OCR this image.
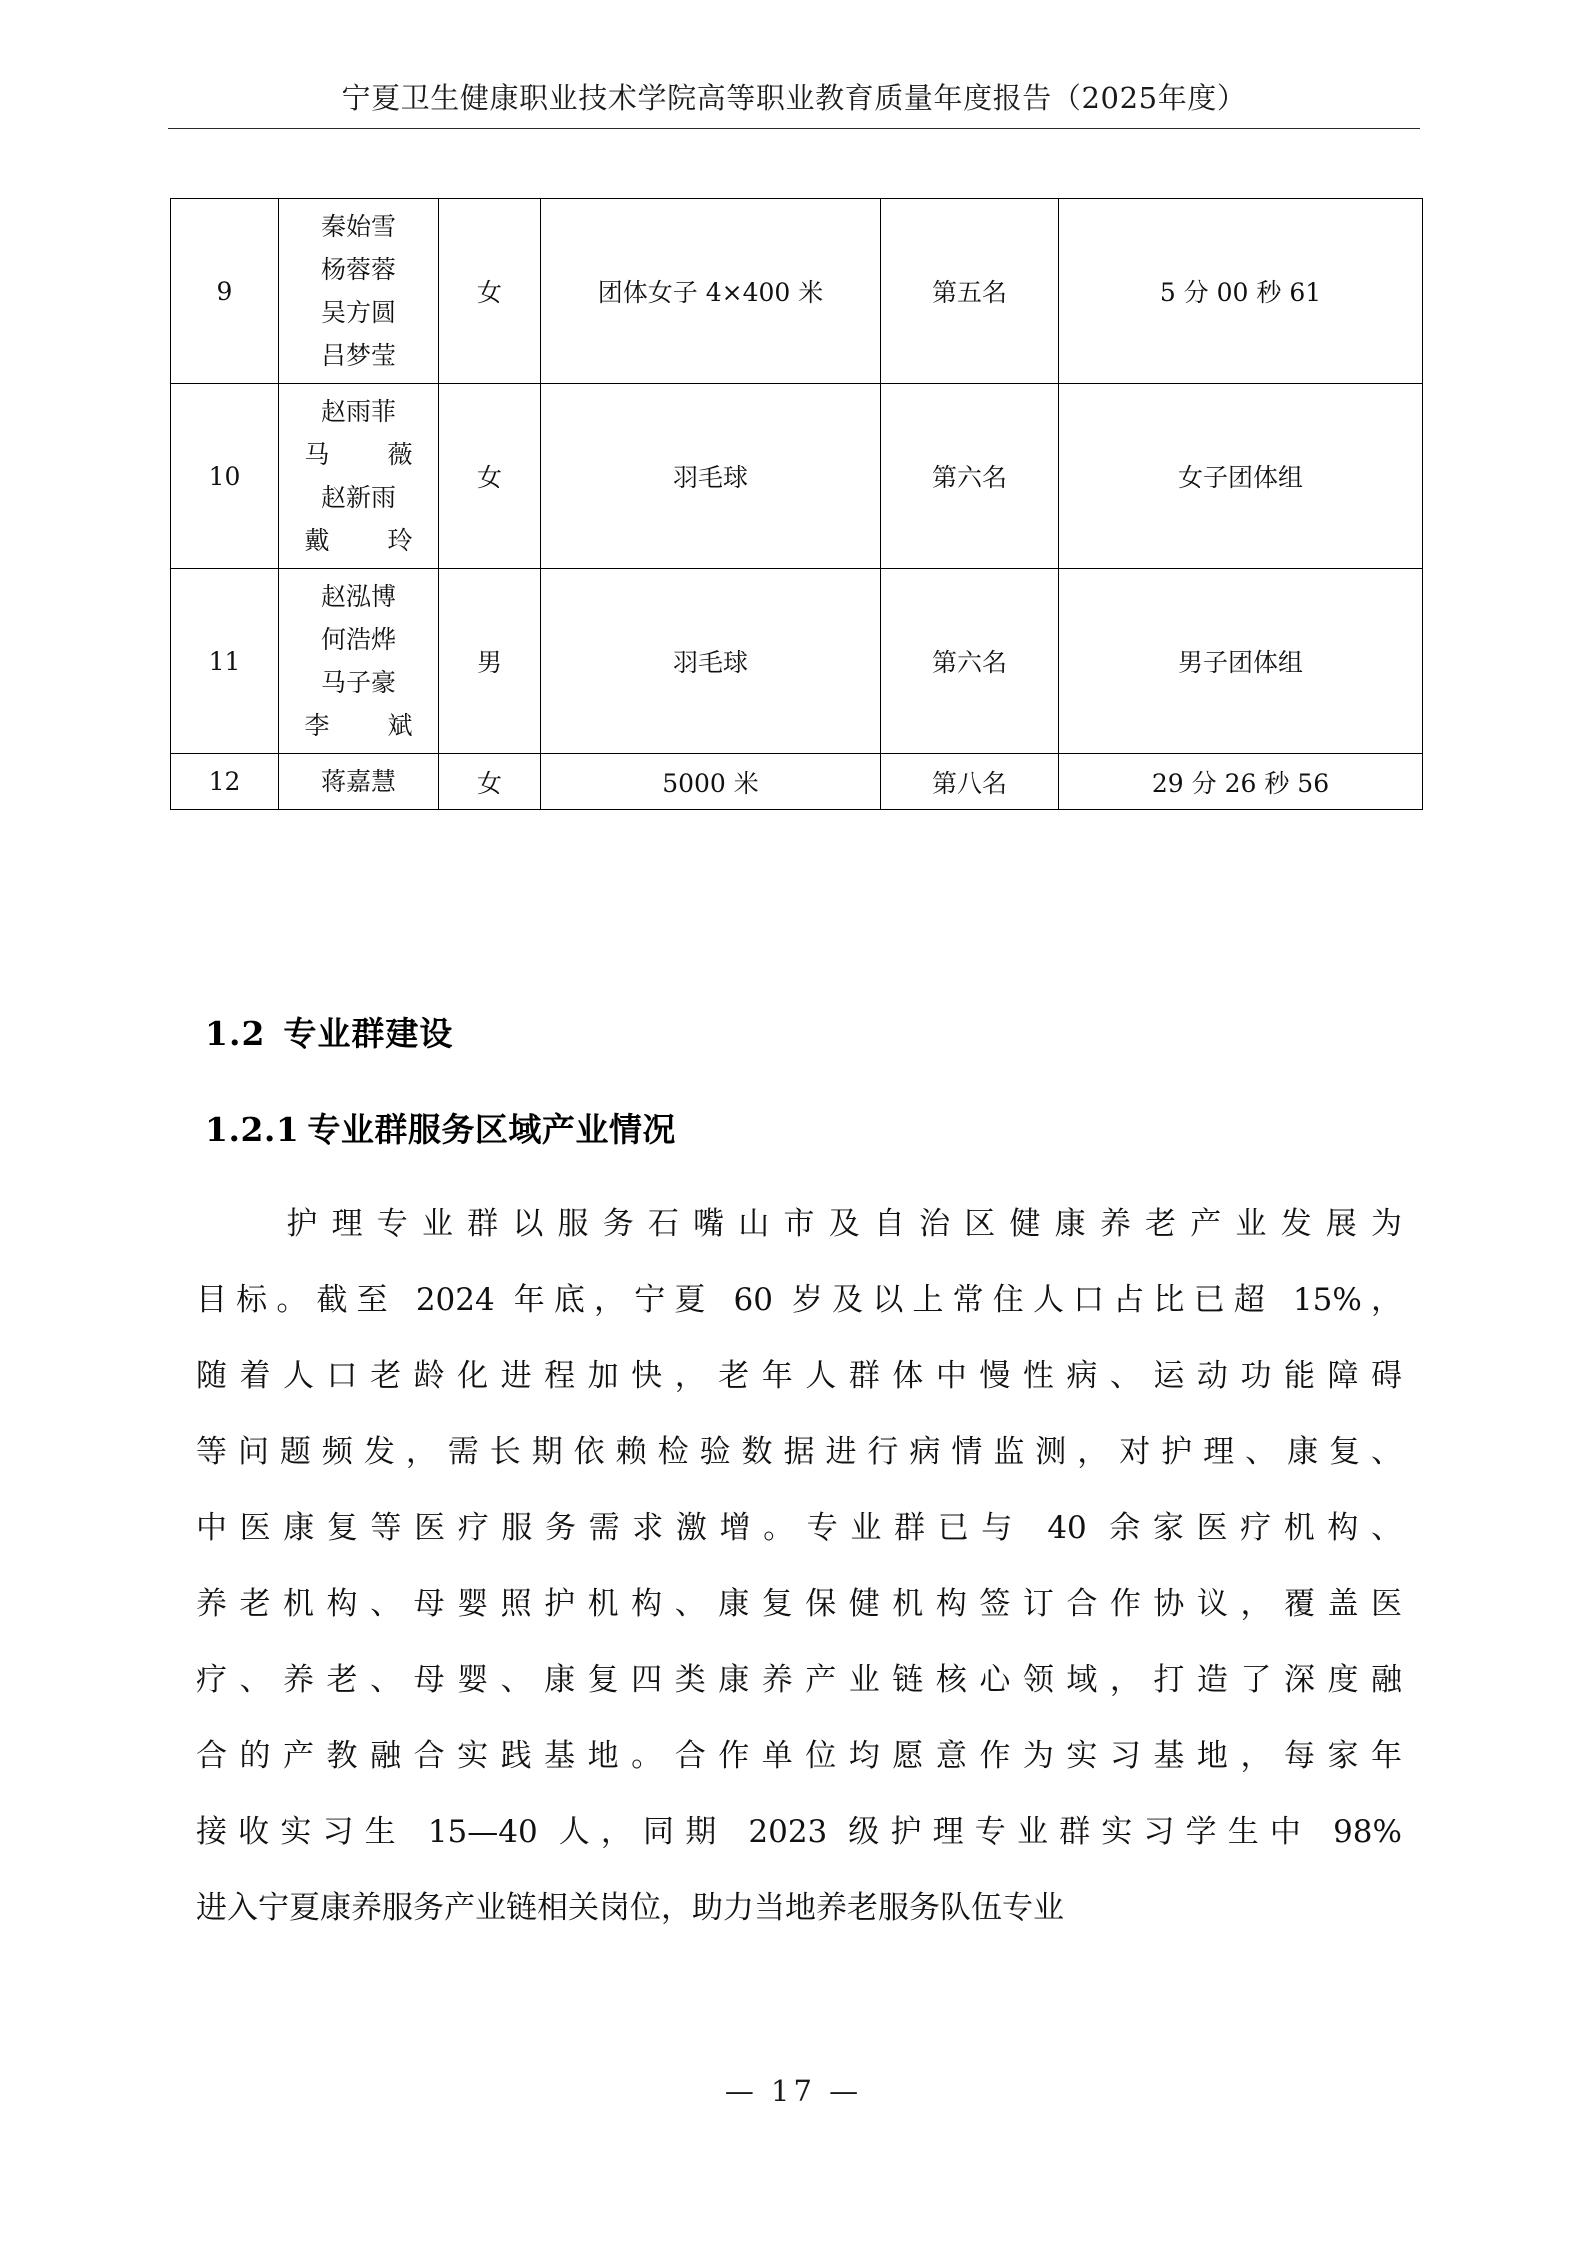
宁夏卫生健康职业技术学院高等职业教育质量年度报告（2025年度）
9	秦始雪
杨蓉蓉
吴方圆
吕梦莹	女	团体女子 4×400 米	第五名	5 分 00 秒 61
10	赵雨菲
马薇
赵新雨
戴玲	女	羽毛球	第六名	女子团体组
11	赵泓博
何浩烨
马子豪
李斌	男	羽毛球	第六名	男子团体组
12	蒋嘉慧	女	5000 米	第八名	29 分 26 秒 56
1.2 专业群建设
1.2.1 专业群服务区域产业情况
　　护理专业群以服务石嘴山市及自治区健康养老产业发展为
目标。截至 2024 年底，宁夏 60 岁及以上常住人口占比已超 15%，
随着人口老龄化进程加快，老年人群体中慢性病、运动功能障碍
等问题频发，需长期依赖检验数据进行病情监测，对护理、康复、
中医康复等医疗服务需求激增。专业群已与 40 余家医疗机构、
养老机构、母婴照护机构、康复保健机构签订合作协议，覆盖医
疗、养老、母婴、康复四类康养产业链核心领域，打造了深度融
合的产教融合实践基地。合作单位均愿意作为实习基地，每家年
接收实习生 15—40 人，同期 2023 级护理专业群实习学生中 98%
进入宁夏康养服务产业链相关岗位，助力当地养老服务队伍专业
— 17 —
